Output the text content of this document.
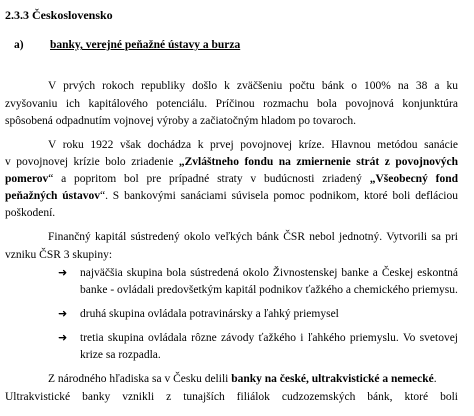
2.3.3 Československo
a) banky, verejné peňažné ústavy a burza
V prvých rokoch republiky došlo k zväčšeniu počtu bánk o 100% na 38 a ku
zvyšovaniu ich kapitálového potenciálu. Príčinou rozmachu bola povojnová konjunktúra
spôsobená odpadnutím vojnovej výroby a začiatočným hladom po tovaroch.
V roku 1922 však dochádza k prvej povojnovej kríze. Hlavnou metódou sanácie
v povojnovej krízie bolo zriadenie „Zvláštneho fondu na zmiernenie strát z povojnových
pomerov“ a popritom bol pre prípadné straty v budúcnosti zriadený „Všeobecný fond
peňažných ústavov“. S bankovými sanáciami súvisela pomoc podnikom, ktoré boli defláciou
poškodení.
Finančný kapitál sústredený okolo veľkých bánk ČSR nebol jednotný. Vytvorili sa pri
vzniku ČSR 3 skupiny:
➜ najväčšia skupina bola sústredená okolo Živnostenskej banke a Českej eskontná
banke - ovládali predovšetkým kapitál podnikov ťažkého a chemického priemysu.
➜ druhá skupina ovládala potravinársky a ľahký priemysel
➜ tretia skupina ovládala rôzne závody ťažkého i ľahkého priemyslu. Vo svetovej
krize sa rozpadla.
Z národného hľadiska sa v Česku delili banky na české, ultrakvistické a nemecké.
Ultrakvistické banky vznikli z tunajších filiálok cudzozemských bánk, ktoré boli
